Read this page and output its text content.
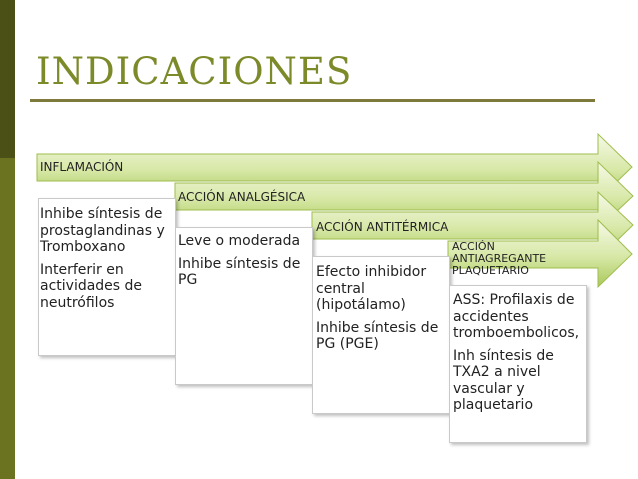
INDICACIONES
INFLAMACIÓN

Inhibe síntesis de prostaglandinas y Tromboxano

Interferir en actividades de neutrófilos

ACCIÓN ANALGÉSICA

Leve o moderada

Inhibe síntesis de PG

ACCIÓN ANTITÉRMICA

Efecto inhibidor central (hipotálamo)

Inhibe síntesis de PG (PGE)

ACCIÓN ANTIAGREGANTE PLAQUETARIO

ASS: Profilaxis de accidentes tromboembolicos,

Inh síntesis de TXA2 a nivel vascular y plaquetario
